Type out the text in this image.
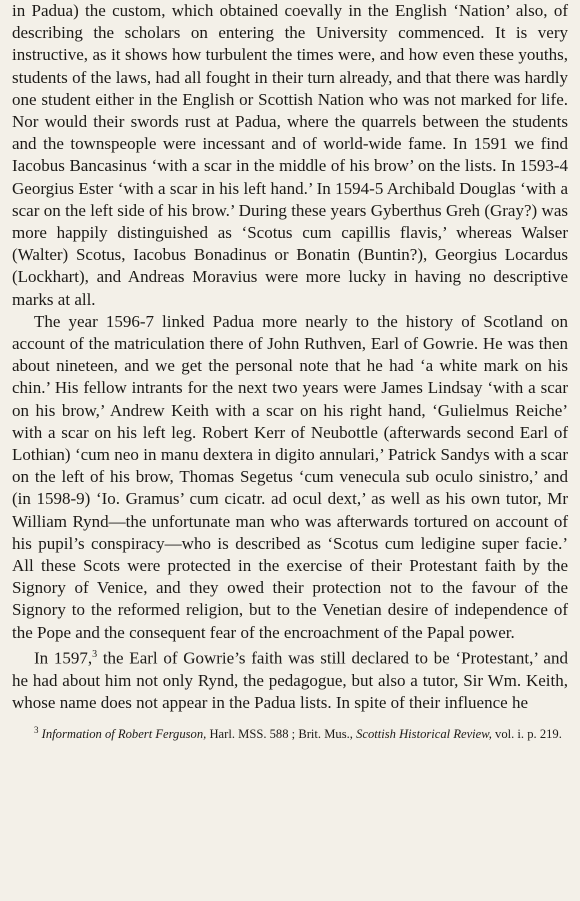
in Padua) the custom, which obtained coevally in the English ‘Nation’ also, of describing the scholars on entering the University commenced. It is very instructive, as it shows how turbulent the times were, and how even these youths, students of the laws, had all fought in their turn already, and that there was hardly one student either in the English or Scottish Nation who was not marked for life. Nor would their swords rust at Padua, where the quarrels between the students and the townspeople were incessant and of world-wide fame. In 1591 we find Iacobus Bancasinus ‘with a scar in the middle of his brow’ on the lists. In 1593-4 Georgius Ester ‘with a scar in his left hand.’ In 1594-5 Archibald Douglas ‘with a scar on the left side of his brow.’ During these years Gyberthus Greh (Gray?) was more happily distinguished as ‘Scotus cum capillis flavis,’ whereas Walser (Walter) Scotus, Iacobus Bonadinus or Bonatin (Buntin?), Georgius Locardus (Lockhart), and Andreas Moravius were more lucky in having no descriptive marks at all.

The year 1596-7 linked Padua more nearly to the history of Scotland on account of the matriculation there of John Ruthven, Earl of Gowrie. He was then about nineteen, and we get the personal note that he had ‘a white mark on his chin.’ His fellow intrants for the next two years were James Lindsay ‘with a scar on his brow,’ Andrew Keith with a scar on his right hand, ‘Gulielmus Reiche’ with a scar on his left leg. Robert Kerr of Neubottle (afterwards second Earl of Lothian) ‘cum neo in manu dextera in digito annulari,’ Patrick Sandys with a scar on the left of his brow, Thomas Segetus ‘cum venecula sub oculo sinistro,’ and (in 1598-9) ‘Io. Gramus’ cum cicatr. ad ocul dext,’ as well as his own tutor, Mr William Rynd—the unfortunate man who was afterwards tortured on account of his pupil’s conspiracy—who is described as ‘Scotus cum ledigine super facie.’ All these Scots were protected in the exercise of their Protestant faith by the Signory of Venice, and they owed their protection not to the favour of the Signory to the reformed religion, but to the Venetian desire of independence of the Pope and the consequent fear of the encroachment of the Papal power.

In 1597,$^3$ the Earl of Gowrie’s faith was still declared to be ‘Protestant,’ and he had about him not only Rynd, the pedagogue, but also a tutor, Sir Wm. Keith, whose name does not appear in the Padua lists. In spite of their influence he

$^3$ Information of Robert Ferguson, Harl. MSS. 588 ; Brit. Mus., Scottish Historical Review, vol. i. p. 219.
